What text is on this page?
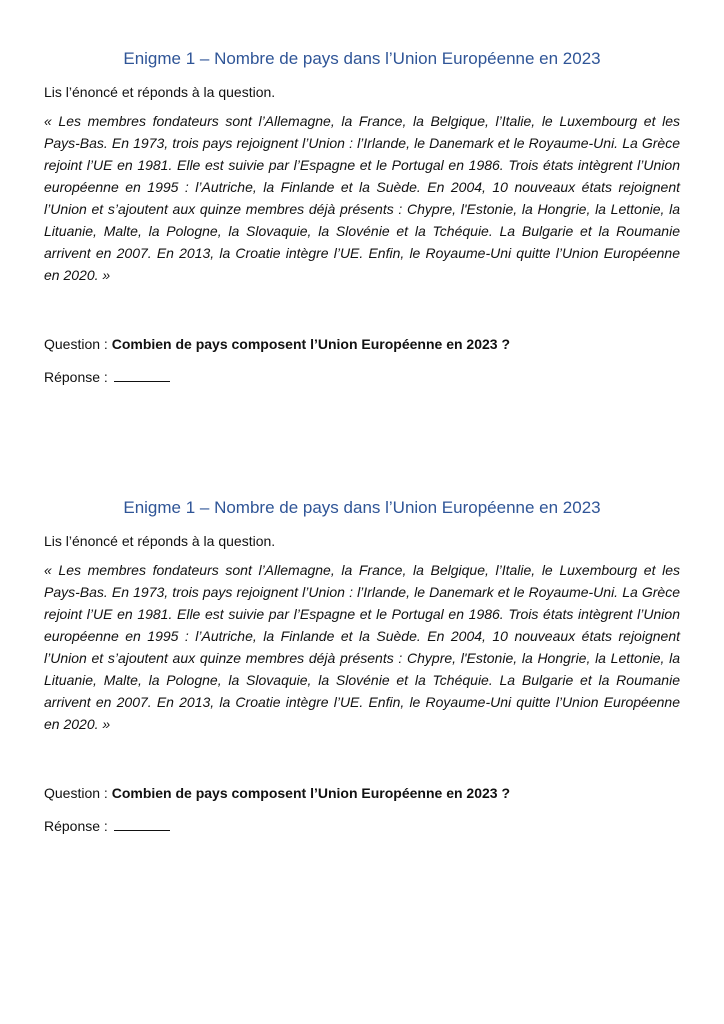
Enigme 1 – Nombre de pays dans l’Union Européenne en 2023
Lis l’énoncé et réponds à la question.

« Les membres fondateurs sont l’Allemagne, la France, la Belgique, l’Italie, le Luxembourg et les Pays-Bas. En 1973, trois pays rejoignent l’Union : l’Irlande, le Danemark et le Royaume-Uni. La Grèce rejoint l’UE en 1981. Elle est suivie par l’Espagne et le Portugal en 1986. Trois états intègrent l’Union européenne en 1995 : l’Autriche, la Finlande et la Suède. En 2004, 10 nouveaux états rejoignent l’Union et s’ajoutent aux quinze membres déjà présents : Chypre, l'Estonie, la Hongrie, la Lettonie, la Lituanie, Malte, la Pologne, la Slovaquie, la Slovénie et la Tchéquie. La Bulgarie et la Roumanie arrivent en 2007. En 2013, la Croatie intègre l’UE. Enfin, le Royaume-Uni quitte l’Union Européenne en 2020. »

Question : Combien de pays composent l’Union Européenne en 2023 ?
Réponse :
Enigme 1 – Nombre de pays dans l’Union Européenne en 2023
Lis l’énoncé et réponds à la question.

« Les membres fondateurs sont l’Allemagne, la France, la Belgique, l’Italie, le Luxembourg et les Pays-Bas. En 1973, trois pays rejoignent l’Union : l’Irlande, le Danemark et le Royaume-Uni. La Grèce rejoint l’UE en 1981. Elle est suivie par l’Espagne et le Portugal en 1986. Trois états intègrent l’Union européenne en 1995 : l’Autriche, la Finlande et la Suède. En 2004, 10 nouveaux états rejoignent l’Union et s’ajoutent aux quinze membres déjà présents : Chypre, l'Estonie, la Hongrie, la Lettonie, la Lituanie, Malte, la Pologne, la Slovaquie, la Slovénie et la Tchéquie. La Bulgarie et la Roumanie arrivent en 2007. En 2013, la Croatie intègre l’UE. Enfin, le Royaume-Uni quitte l’Union Européenne en 2020. »

Question : Combien de pays composent l’Union Européenne en 2023 ?
Réponse :
